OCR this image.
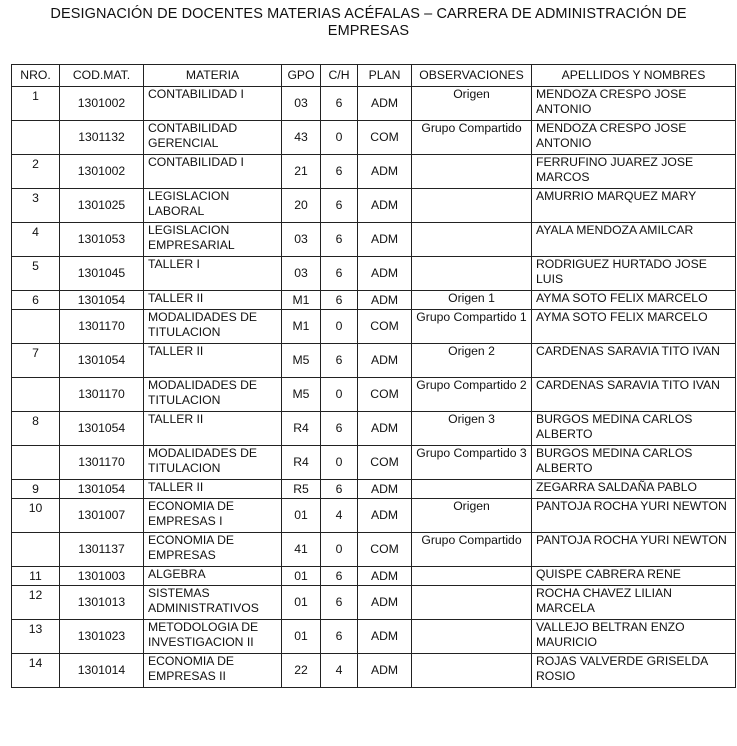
DESIGNACIÓN DE DOCENTES MATERIAS ACÉFALAS – CARRERA DE ADMINISTRACIÓN DE
EMPRESAS
NRO.	COD.MAT.	MATERIA	GPO	C/H	PLAN	OBSERVACIONES	APELLIDOS Y NOMBRES
1	1301002	CONTABILIDAD I	03	6	ADM	Origen	MENDOZA CRESPO JOSE ANTONIO
	1301132	CONTABILIDAD GERENCIAL	43	0	COM	Grupo Compartido	MENDOZA CRESPO JOSE ANTONIO
2	1301002	CONTABILIDAD I	21	6	ADM		FERRUFINO JUAREZ JOSE MARCOS
3	1301025	LEGISLACION LABORAL	20	6	ADM		AMURRIO MARQUEZ MARY
4	1301053	LEGISLACION EMPRESARIAL	03	6	ADM		AYALA MENDOZA AMILCAR
5	1301045	TALLER I	03	6	ADM		RODRIGUEZ HURTADO JOSE LUIS
6	1301054	TALLER II	M1	6	ADM	Origen 1	AYMA SOTO FELIX MARCELO
	1301170	MODALIDADES DE TITULACION	M1	0	COM	Grupo Compartido 1	AYMA SOTO FELIX MARCELO
7	1301054	TALLER II	M5	6	ADM	Origen 2	CARDENAS SARAVIA TITO IVAN
	1301170	MODALIDADES DE TITULACION	M5	0	COM	Grupo Compartido 2	CARDENAS SARAVIA TITO IVAN
8	1301054	TALLER II	R4	6	ADM	Origen 3	BURGOS MEDINA CARLOS ALBERTO
	1301170	MODALIDADES DE TITULACION	R4	0	COM	Grupo Compartido 3	BURGOS MEDINA CARLOS ALBERTO
9	1301054	TALLER II	R5	6	ADM		ZEGARRA SALDAÑA PABLO
10	1301007	ECONOMIA DE EMPRESAS I	01	4	ADM	Origen	PANTOJA ROCHA YURI NEWTON
	1301137	ECONOMIA DE EMPRESAS	41	0	COM	Grupo Compartido	PANTOJA ROCHA YURI NEWTON
11	1301003	ALGEBRA	01	6	ADM		QUISPE CABRERA RENE
12	1301013	SISTEMAS ADMINISTRATIVOS	01	6	ADM		ROCHA CHAVEZ LILIAN MARCELA
13	1301023	METODOLOGIA DE INVESTIGACION II	01	6	ADM		VALLEJO BELTRAN ENZO MAURICIO
14	1301014	ECONOMIA DE EMPRESAS II	22	4	ADM		ROJAS VALVERDE GRISELDA ROSIO
